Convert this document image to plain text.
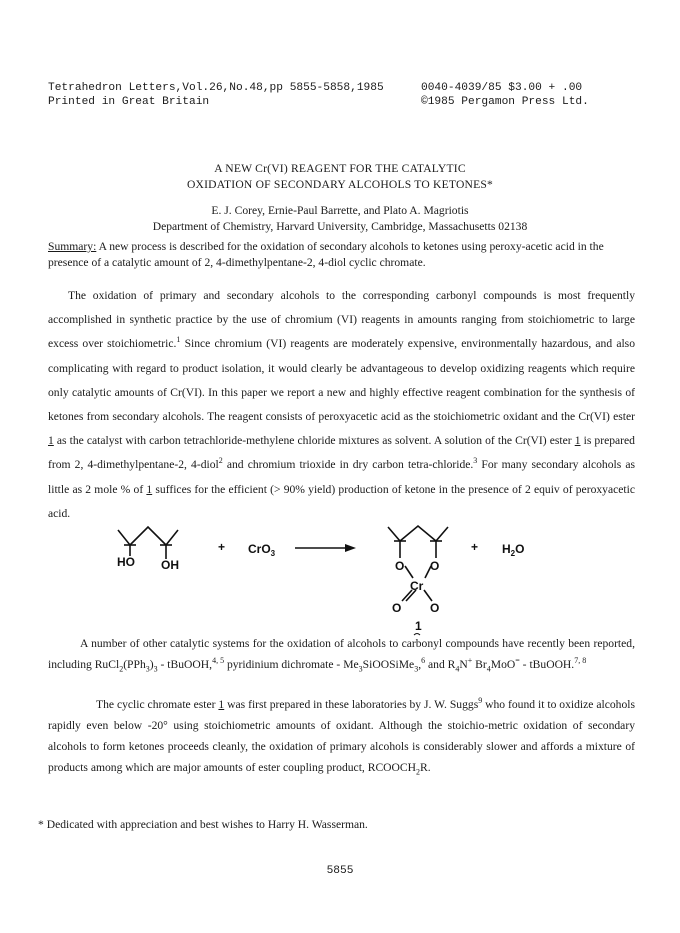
Tetrahedron Letters,Vol.26,No.48,pp 5855-5858,1985
Printed in Great Britain
0040-4039/85 $3.00 + .00
©1985 Pergamon Press Ltd.
A NEW Cr(VI) REAGENT FOR THE CATALYTIC
OXIDATION OF SECONDARY ALCOHOLS TO KETONES*
E. J. Corey, Ernie-Paul Barrette, and Plato A. Magriotis
Department of Chemistry, Harvard University, Cambridge, Massachusetts 02138
Summary: A new process is described for the oxidation of secondary alcohols to ketones using peroxy-acetic acid in the presence of a catalytic amount of 2, 4-dimethylpentane-2, 4-diol cyclic chromate.
The oxidation of primary and secondary alcohols to the corresponding carbonyl compounds is most frequently accomplished in synthetic practice by the use of chromium (VI) reagents in amounts ranging from stoichiometric to large excess over stoichiometric.$^1$ Since chromium (VI) reagents are moderately expensive, environmentally hazardous, and also complicating with regard to product isolation, it would clearly be advantageous to develop oxidizing reagents which require only catalytic amounts of Cr(VI). In this paper we report a new and highly effective reagent combination for the synthesis of ketones from secondary alcohols. The reagent consists of peroxyacetic acid as the stoichiometric oxidant and the Cr(VI) ester 1 as the catalyst with carbon tetrachloride-methylene chloride mixtures as solvent. A solution of the Cr(VI) ester 1 is prepared from 2, 4-dimethylpentane-2, 4-diol$^2$ and chromium trioxide in dry carbon tetra-chloride.$^3$ For many secondary alcohols as little as 2 mole % of 1 suffices for the efficient (> 90% yield) production of ketone in the presence of 2 equiv of peroxyacetic acid.
HO OH
+ CrO$_3$
O O
Cr
O O
1
+ $H_2O$
A number of other catalytic systems for the oxidation of alcohols to carbonyl compounds have recently been reported, including $RuCl_2(PPh_3)_3$ - tBuOOH,$^{4, 5}$ pyridinium dichromate - $Me_3SiOOSiMe_3,^6$ and $R_4N^+$ $Br_4MoO^=$ - tBuOOH.$^{7, 8}$
The cyclic chromate ester 1 was first prepared in these laboratories by J. W. Suggs$^9$ who found it to oxidize alcohols rapidly even below -20° using stoichiometric amounts of oxidant. Although the stoichio-metric oxidation of secondary alcohols to form ketones proceeds cleanly, the oxidation of primary alcohols is considerably slower and affords a mixture of products among which are major amounts of ester coupling product, $RCOOCH_2R$.
* Dedicated with appreciation and best wishes to Harry H. Wasserman.
5855
